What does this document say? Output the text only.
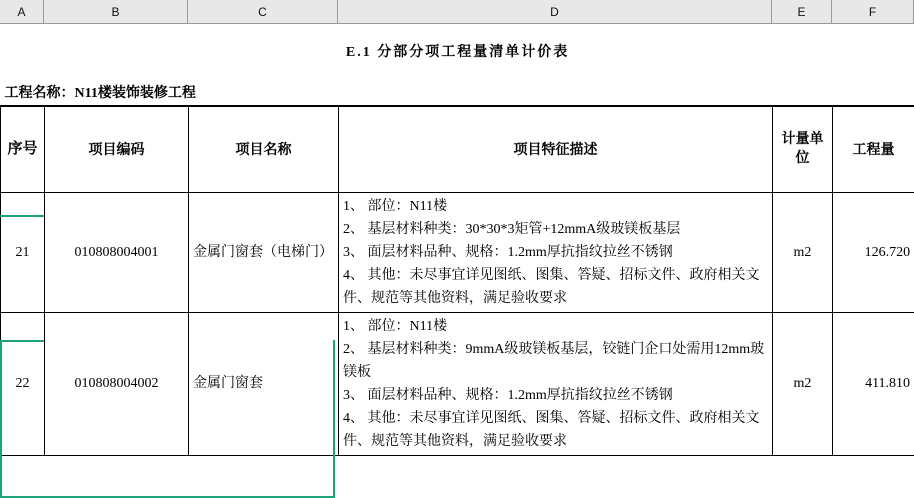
A	B	C	D	E	F
E.1 分部分项工程量清单计价表					
工程名称：N11楼装饰装修工程					
序号	项目编码	项目名称	项目特征描述	计量单位	工程量
21	010808004001	金属门窗套（电梯门）	1、 部位：N11楼
2、 基层材料种类：30*30*3矩管+12mmA级玻镁板基层
3、 面层材料品种、规格：1.2mm厚抗指纹拉丝不锈钢
4、 其他：未尽事宜详见图纸、图集、答疑、招标文件、政府相关文件、规范等其他资料，满足验收要求	m2	126.720
22	010808004002	金属门窗套	1、 部位：N11楼
2、 基层材料种类：9mmA级玻镁板基层，铰链门企口处需用12mm玻镁板
3、 面层材料品种、规格：1.2mm厚抗指纹拉丝不锈钢
4、 其他：未尽事宜详见图纸、图集、答疑、招标文件、政府相关文件、规范等其他资料，满足验收要求	m2	411.810
